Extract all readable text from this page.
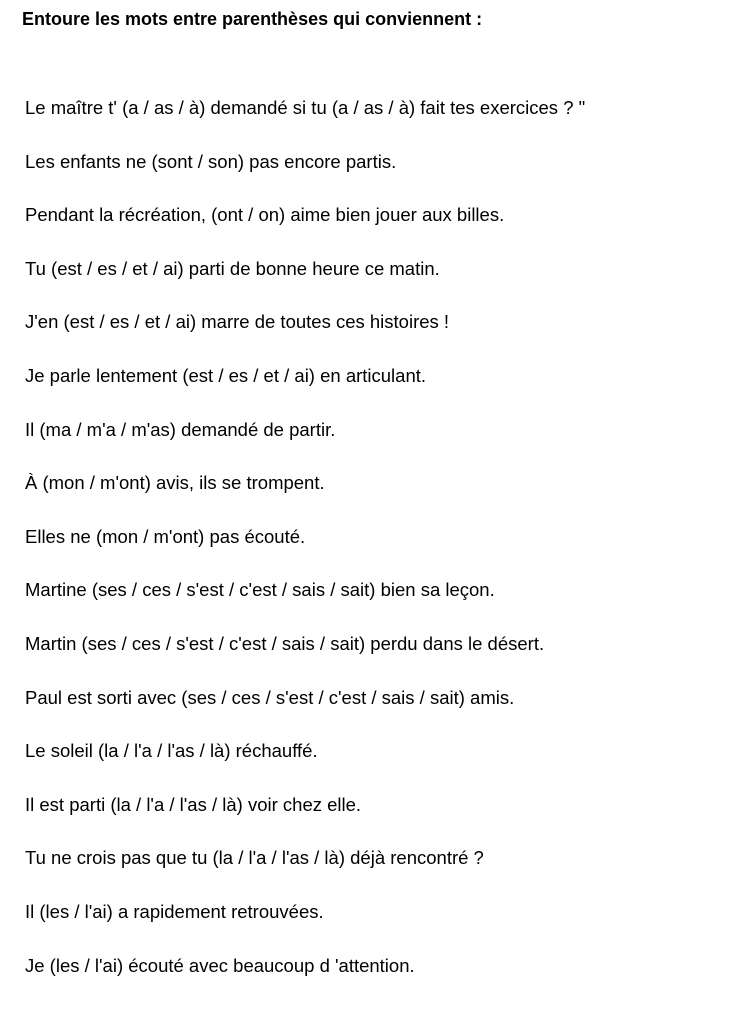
Entoure les mots entre parenthèses qui conviennent :
Le maître t' (a / as / à) demandé si tu (a / as / à) fait tes exercices ? "
Les enfants ne (sont / son) pas encore partis.
Pendant la récréation, (ont / on) aime bien jouer aux billes.
Tu (est / es / et / ai) parti de bonne heure ce matin.
J'en (est / es / et / ai) marre de toutes ces histoires !
Je parle lentement (est / es / et / ai) en articulant.
Il (ma / m'a / m'as) demandé de partir.
À (mon / m'ont) avis, ils se trompent.
Elles ne (mon / m'ont) pas écouté.
Martine (ses / ces / s'est / c'est / sais / sait) bien sa leçon.
Martin (ses / ces / s'est / c'est / sais / sait) perdu dans le désert.
Paul est sorti avec (ses / ces / s'est / c'est / sais / sait) amis.
Le soleil (la / l'a / l'as / là) réchauffé.
Il est parti (la / l'a / l'as / là) voir chez elle.
Tu ne crois pas que tu (la / l'a / l'as / là) déjà rencontré ?
Il (les / l'ai) a rapidement retrouvées.
Je (les / l'ai) écouté avec beaucoup d 'attention.
